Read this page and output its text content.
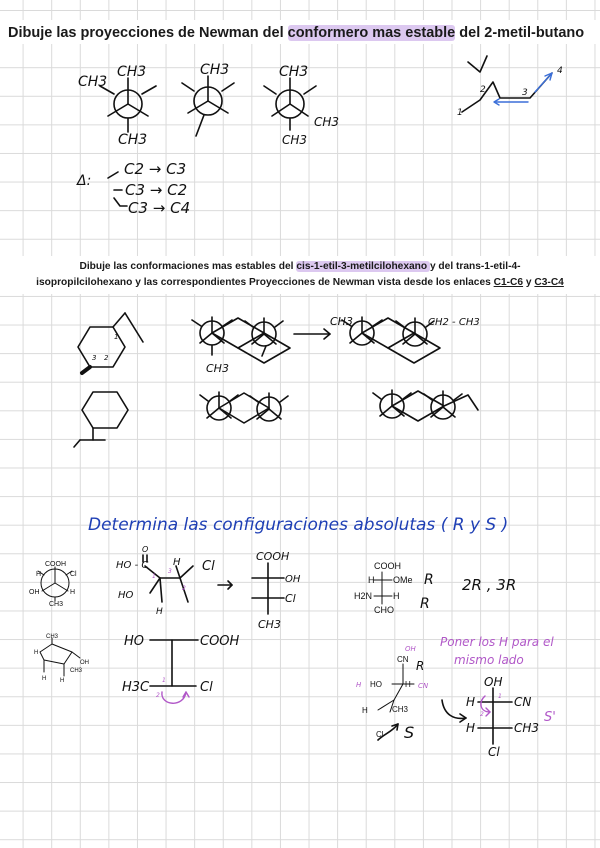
Dibuje las proyecciones de Newman del conformero mas estable del 2-metil-butano
Dibuje las conformaciones mas estables del cis-1-etil-3-metilcilohexano y del trans-1-etil-4-
isopropilcilohexano y las correspondientes Proyecciones de Newman vista desde los enlaces C1-C6 y C3-C4
CH3
CH3
CH3
CH3	CH3
CH3
CH3
1
2	3
4
Δ:
C2 → C3
C3 → C2
C3 → C4
3 2
1
CH3
CH3	CH2 - CH3
Determina las configuraciones absolutas ( R y S )
COOH
H	Cl
OH	H
CH3
O
HO - C H Cl
HO
H
1
2
3
COOH
OH
Cl
CH3
COOH
H OMe
H2N H
CHO
R
R
2R , 3R
CH3
H
OH
H H
CH3
HO	COOH
H3C	Cl
1
2
CN
HO	H
H	CH3
Cl
OH
CN
H
R
S
Poner los H para el
mismo lado
OH
H	CN
H	CH3
Cl
S'
1
2
